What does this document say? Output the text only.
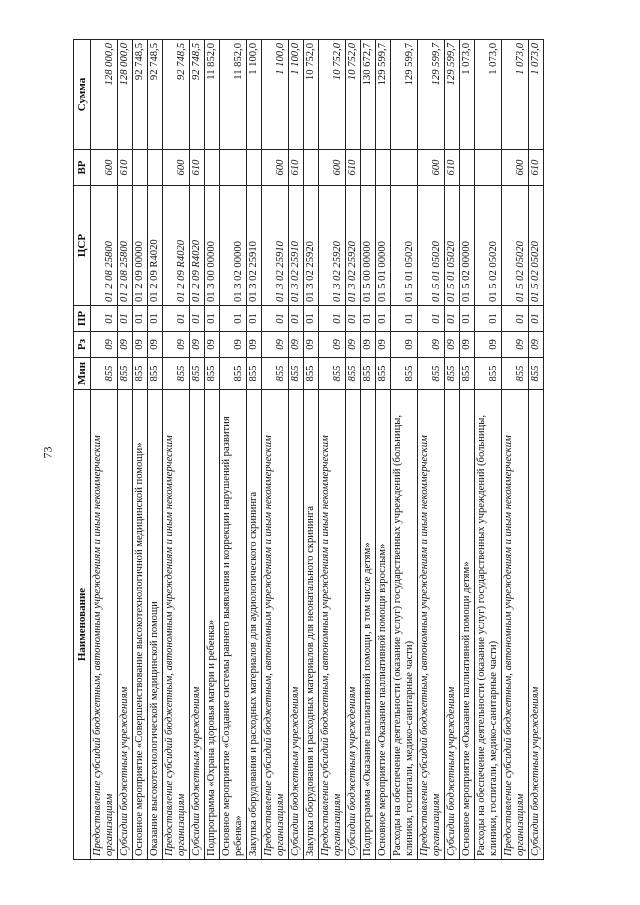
73
Наименование	Мин	Рз	ПР	ЦСР	ВР	Сумма
Предоставление субсидий бюджетным, автономным учреждениям и иным некоммерческим организациям	855	09	01	01 2 08 25800	600	128 000,0
Субсидии бюджетным учреждениям	855	09	01	01 2 08 25800	610	128 000,0
Основное мероприятие «Совершенствование высокотехнологичной медицинской помощи»	855	09	01	01 2 09 00000		92 748,5
Оказание высокотехнологической медицинской помощи	855	09	01	01 2 09 R4020		92 748,5
Предоставление субсидий бюджетным, автономным учреждениям и иным некоммерческим организациям	855	09	01	01 2 09 R4020	600	92 748,5
Субсидии бюджетным учреждениям	855	09	01	01 2 09 R4020	610	92 748,5
Подпрограмма «Охрана здоровья матери и ребенка»	855	09	01	01 3 00 00000		11 852,0
Основное мероприятие «Создание системы раннего выявления и коррекции нарушений развития ребенка»	855	09	01	01 3 02 00000		11 852,0
Закупка оборудования и расходных материалов для аудиологического скрининга	855	09	01	01 3 02 25910		1 100,0
Предоставление субсидий бюджетным, автономным учреждениям и иным некоммерческим организациям	855	09	01	01 3 02 25910	600	1 100,0
Субсидии бюджетным учреждениям	855	09	01	01 3 02 25910	610	1 100,0
Закупка оборудования и расходных материалов для неонатального скрининга	855	09	01	01 3 02 25920		10 752,0
Предоставление субсидий бюджетным, автономным учреждениям и иным некоммерческим организациям	855	09	01	01 3 02 25920	600	10 752,0
Субсидии бюджетным учреждениям	855	09	01	01 3 02 25920	610	10 752,0
Подпрограмма «Оказание паллиативной помощи, в том числе детям»	855	09	01	01 5 00 00000		130 672,7
Основное мероприятие «Оказание паллиативной помощи взрослым»	855	09	01	01 5 01 00000		129 599,7
Расходы на обеспечение деятельности (оказание услуг) государственных учреждений (больницы, клиники, госпитали, медико-санитарные части)	855	09	01	01 5 01 05020		129 599,7
Предоставление субсидий бюджетным, автономным учреждениям и иным некоммерческим организациям	855	09	01	01 5 01 05020	600	129 599,7
Субсидии бюджетным учреждениям	855	09	01	01 5 01 05020	610	129 599,7
Основное мероприятие «Оказание паллиативной помощи детям»	855	09	01	01 5 02 00000		1 073,0
Расходы на обеспечение деятельности (оказание услуг) государственных учреждений (больницы, клиники, госпитали, медико-санитарные части)	855	09	01	01 5 02 05020		1 073,0
Предоставление субсидий бюджетным, автономным учреждениям и иным некоммерческим организациям	855	09	01	01 5 02 05020	600	1 073,0
Субсидии бюджетным учреждениям	855	09	01	01 5 02 05020	610	1 073,0
